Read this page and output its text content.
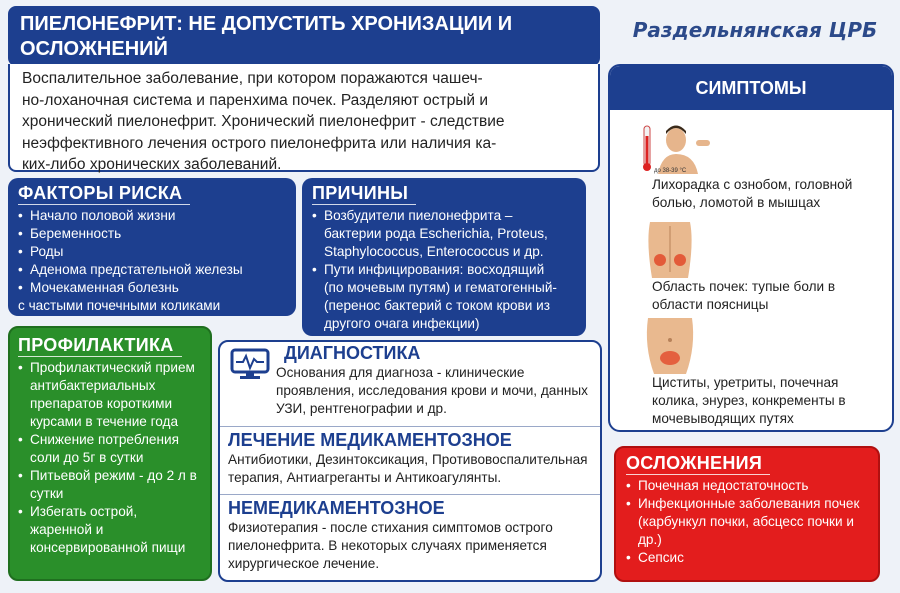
ПИЕЛОНЕФРИТ: НЕ ДОПУСТИТЬ ХРОНИЗАЦИИ И
ОСЛОЖНЕНИЙ
Раздельнянская ЦРБ
Воспалительное заболевание, при котором поражаются чашеч-
но-лоханочная система и паренхима почек. Разделяют острый и
хронический пиелонефрит. Хронический пиелонефрит - следствие
неэффективного лечения острого пиелонефрита или наличия ка-
ких-либо хронических заболеваний.
ФАКТОРЫ РИСКА
• Начало половой жизни
• Беременность
• Роды
• Аденома предстательной железы
• Мочекаменная болезнь
с частыми почечными коликами
ПРИЧИНЫ
• Возбудители пиелонефрита –
бактерии рода Escherichia, Proteus,
Staphylococcus, Enterococcus и др.
• Пути инфицирования: восходящий
(по мочевым путям) и гематогенный-
(перенос бактерий с током крови из
другого очага инфекции)
ПРОФИЛАКТИКА
• Профилактический прием антибактериальных препаратов короткими курсами в течение года
• Снижение потребления соли до 5г в сутки
• Питьевой режим - до 2 л в сутки
• Избегать острой, жаренной и консервированной пищи
ДИАГНОСТИКА
Основания для диагноза - клинические проявления, исследования крови и мочи, данных УЗИ, рентгенографии и др.
ЛЕЧЕНИЕ МЕДИКАМЕНТОЗНОЕ
Антибиотики, Дезинтоксикация, Противовоспалительная терапия, Антиагреганты и Антикоагулянты.
НЕМЕДИКАМЕНТОЗНОЕ
Физиотерапия - после стихания симптомов острого пиелонефрита. В некоторых случаях применяется хирургическое лечение.
СИМПТОМЫ
до 38-39 °С
Лихорадка с ознобом, головной болью, ломотой в мышцах
Область почек: тупые боли в области поясницы
Циститы, уретриты, почечная колика, энурез, конкременты в мочевыводящих путях
ОСЛОЖНЕНИЯ
• Почечная недостаточность
• Инфекционные заболевания почек (карбункул почки, абсцесс почки и др.)
• Сепсис
